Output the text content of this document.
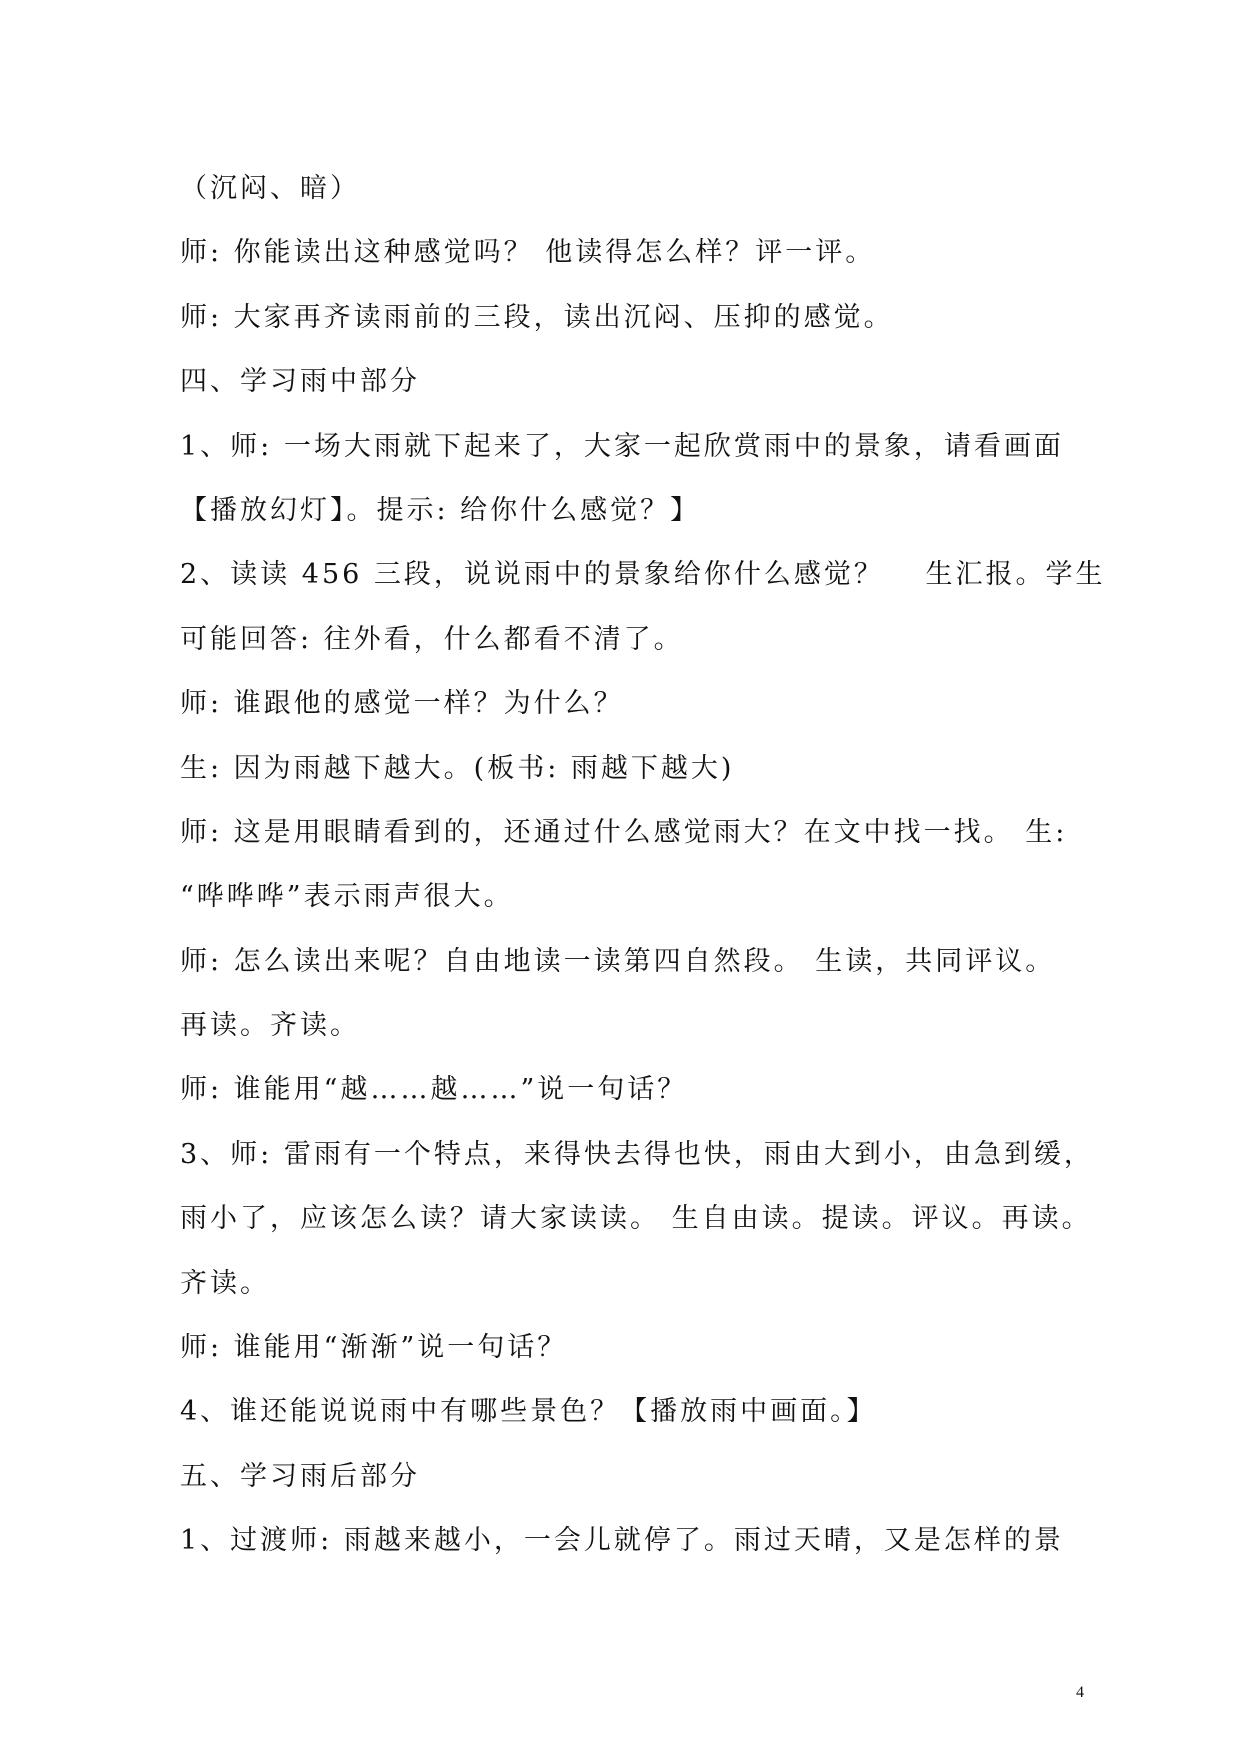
（沉闷、暗）
师: 你能读出这种感觉吗？ 他读得怎么样？评一评。
师: 大家再齐读雨前的三段，读出沉闷、压抑的感觉。
四、学习雨中部分
1、师: 一场大雨就下起来了，大家一起欣赏雨中的景象，请看画面
【播放幻灯】。提示: 给你什么感觉？】
2、读读 456 三段，说说雨中的景象给你什么感觉？　 生汇报。学生
可能回答: 往外看，什么都看不清了。
师: 谁跟他的感觉一样？为什么？
生: 因为雨越下越大。(板书: 雨越下越大)
师: 这是用眼睛看到的，还通过什么感觉雨大？在文中找一找。 生:
“哗哗哗”表示雨声很大。
师: 怎么读出来呢？自由地读一读第四自然段。 生读，共同评议。
再读。齐读。
师: 谁能用“越……越……”说一句话？
3、师: 雷雨有一个特点，来得快去得也快，雨由大到小，由急到缓，
雨小了，应该怎么读？请大家读读。 生自由读。提读。评议。再读。
齐读。
师: 谁能用“渐渐”说一句话？
4、谁还能说说雨中有哪些景色？【播放雨中画面。】
五、学习雨后部分
1、过渡师: 雨越来越小，一会儿就停了。雨过天晴，又是怎样的景
4
